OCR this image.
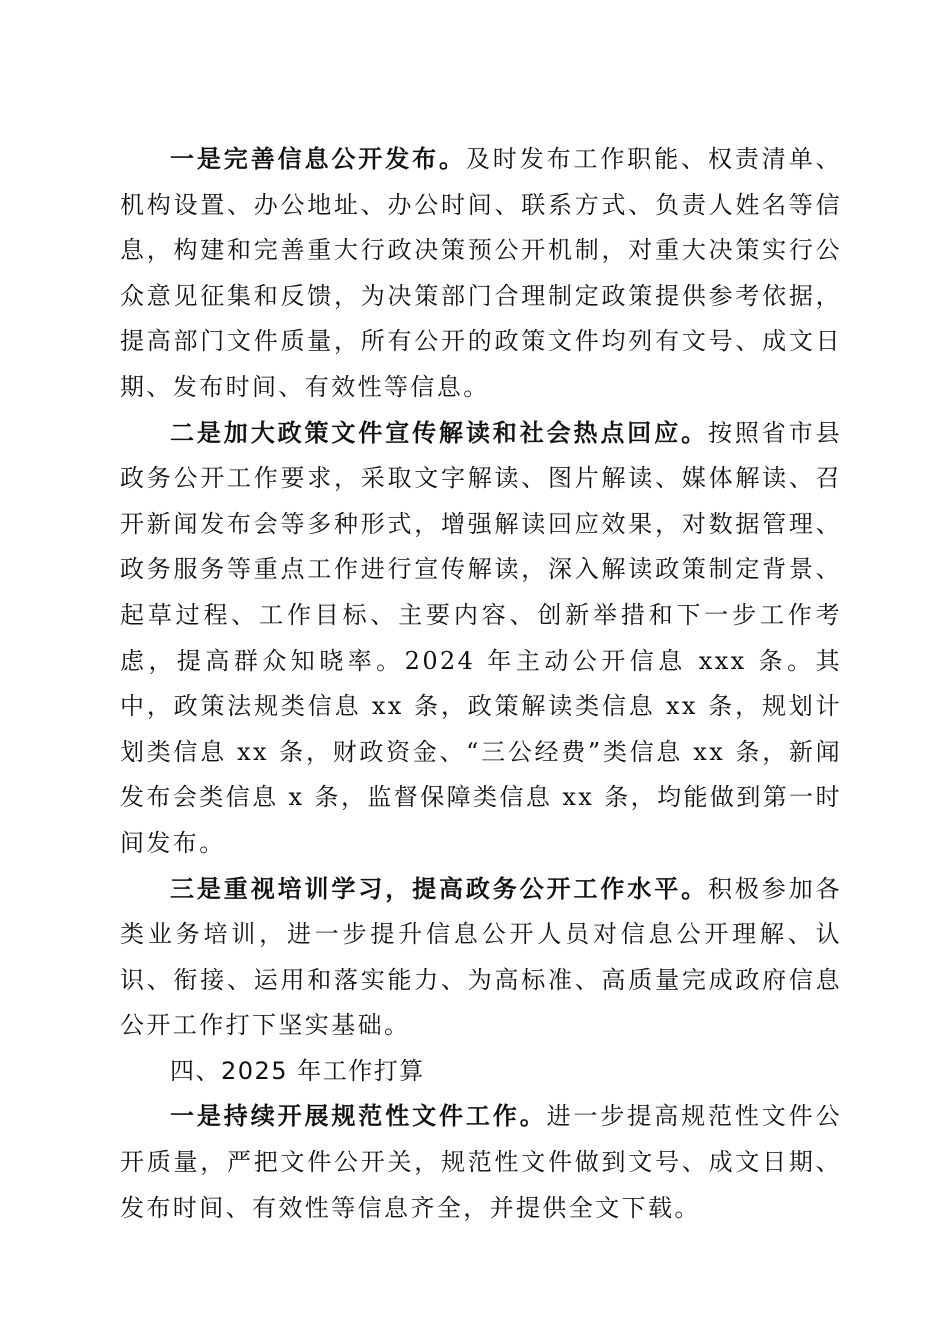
一是完善信息公开发布。及时发布工作职能、权责清单、机构设置、办公地址、办公时间、联系方式、负责人姓名等信息，构建和完善重大行政决策预公开机制，对重大决策实行公众意见征集和反馈，为决策部门合理制定政策提供参考依据，提高部门文件质量，所有公开的政策文件均列有文号、成文日期、发布时间、有效性等信息。

二是加大政策文件宣传解读和社会热点回应。按照省市县政务公开工作要求，采取文字解读、图片解读、媒体解读、召开新闻发布会等多种形式，增强解读回应效果，对数据管理、政务服务等重点工作进行宣传解读，深入解读政策制定背景、起草过程、工作目标、主要内容、创新举措和下一步工作考虑，提高群众知晓率。2024 年主动公开信息 xxx 条。其中，政策法规类信息 xx 条，政策解读类信息 xx 条，规划计划类信息 xx 条，财政资金、“三公经费”类信息 xx 条，新闻发布会类信息 x 条，监督保障类信息 xx 条，均能做到第一时间发布。

三是重视培训学习，提高政务公开工作水平。积极参加各类业务培训，进一步提升信息公开人员对信息公开理解、认识、衔接、运用和落实能力、为高标准、高质量完成政府信息公开工作打下坚实基础。

四、2025 年工作打算

一是持续开展规范性文件工作。进一步提高规范性文件公开质量，严把文件公开关，规范性文件做到文号、成文日期、发布时间、有效性等信息齐全，并提供全文下载。
